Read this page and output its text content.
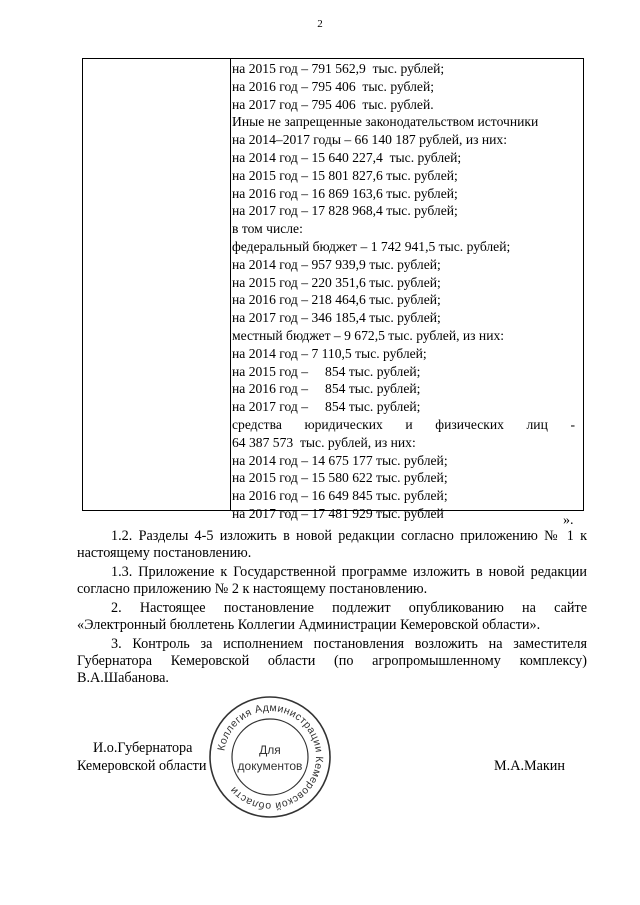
2
на 2015 год – 791 562,9  тыс. рублей;
на 2016 год – 795 406  тыс. рублей;
на 2017 год – 795 406  тыс. рублей.
Иные не запрещенные законодательством источники
на 2014–2017 годы – 66 140 187 рублей, из них:
на 2014 год – 15 640 227,4  тыс. рублей;
на 2015 год – 15 801 827,6 тыс. рублей;
на 2016 год – 16 869 163,6 тыс. рублей;
на 2017 год – 17 828 968,4 тыс. рублей;
в том числе:
федеральный бюджет – 1 742 941,5 тыс. рублей;
на 2014 год – 957 939,9 тыс. рублей;
на 2015 год – 220 351,6 тыс. рублей;
на 2016 год – 218 464,6 тыс. рублей;
на 2017 год – 346 185,4 тыс. рублей;
местный бюджет – 9 672,5 тыс. рублей, из них:
на 2014 год – 7 110,5 тыс. рублей;
на 2015 год –     854 тыс. рублей;
на 2016 год –     854 тыс. рублей;
на 2017 год –     854 тыс. рублей;
средства юридических и физических лиц -
64 387 573  тыс. рублей, из них:
на 2014 год – 14 675 177 тыс. рублей;
на 2015 год – 15 580 622 тыс. рублей;
на 2016 год – 16 649 845 тыс. рублей;
на 2017 год – 17 481 929 тыс. рублей	».
1.2. Разделы 4-5 изложить в новой редакции согласно приложению № 1 к настоящему постановлению.
1.3. Приложение к Государственной программе изложить в новой редакции согласно приложению № 2 к настоящему постановлению.
2. Настоящее постановление подлежит опубликованию на сайте «Электронный бюллетень Коллегии Администрации Кемеровской области».
3. Контроль за исполнением постановления возложить на заместителя Губернатора Кемеровской области (по агропромышленному комплексу) В.А.Шабанова.
И.о.Губернатора
Кемеровской области	М.А.Макин
Коллегия Администрации Кемеровской области
Для
документов
